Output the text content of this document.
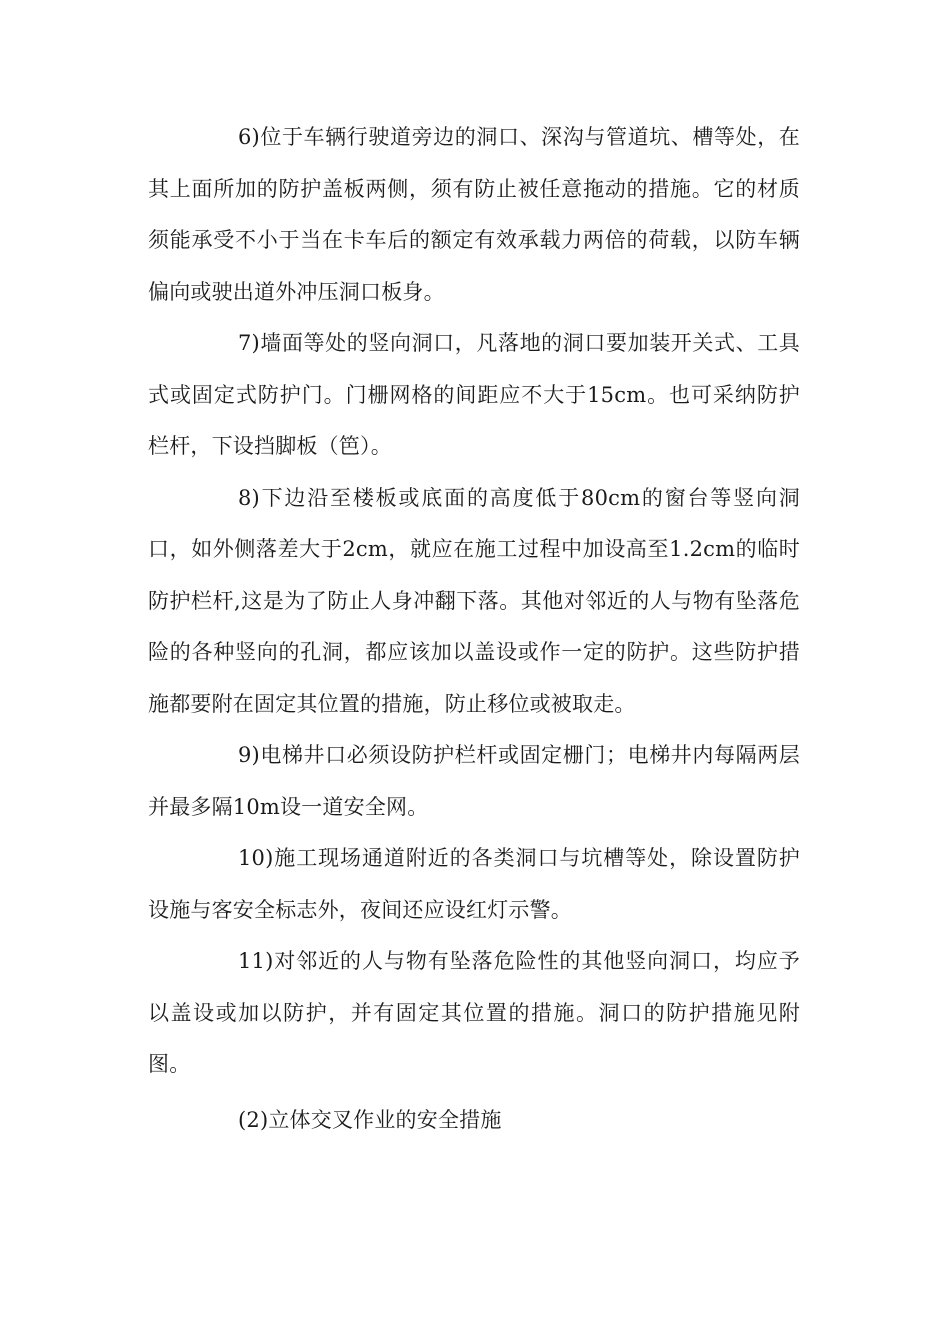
6)位于车辆行驶道旁边的洞口、深沟与管道坑、槽等处，在其上面所加的防护盖板两侧，须有防止被任意拖动的措施。它的材质须能承受不小于当在卡车后的额定有效承载力两倍的荷载，以防车辆偏向或驶出道外冲压洞口板身。

7)墙面等处的竖向洞口，凡落地的洞口要加装开关式、工具式或固定式防护门。门栅网格的间距应不大于15cm。也可采纳防护栏杆，下设挡脚板（笆）。

8)下边沿至楼板或底面的高度低于80cm的窗台等竖向洞口，如外侧落差大于2cm，就应在施工过程中加设高至1.2cm的临时防护栏杆,这是为了防止人身冲翻下落。其他对邻近的人与物有坠落危险的各种竖向的孔洞，都应该加以盖设或作一定的防护。这些防护措施都要附在固定其位置的措施，防止移位或被取走。

9)电梯井口必须设防护栏杆或固定栅门；电梯井内每隔两层并最多隔10m设一道安全网。

10)施工现场通道附近的各类洞口与坑槽等处，除设置防护设施与客安全标志外，夜间还应设红灯示警。

11)对邻近的人与物有坠落危险性的其他竖向洞口，均应予以盖设或加以防护，并有固定其位置的措施。洞口的防护措施见附图。

(2)立体交叉作业的安全措施
